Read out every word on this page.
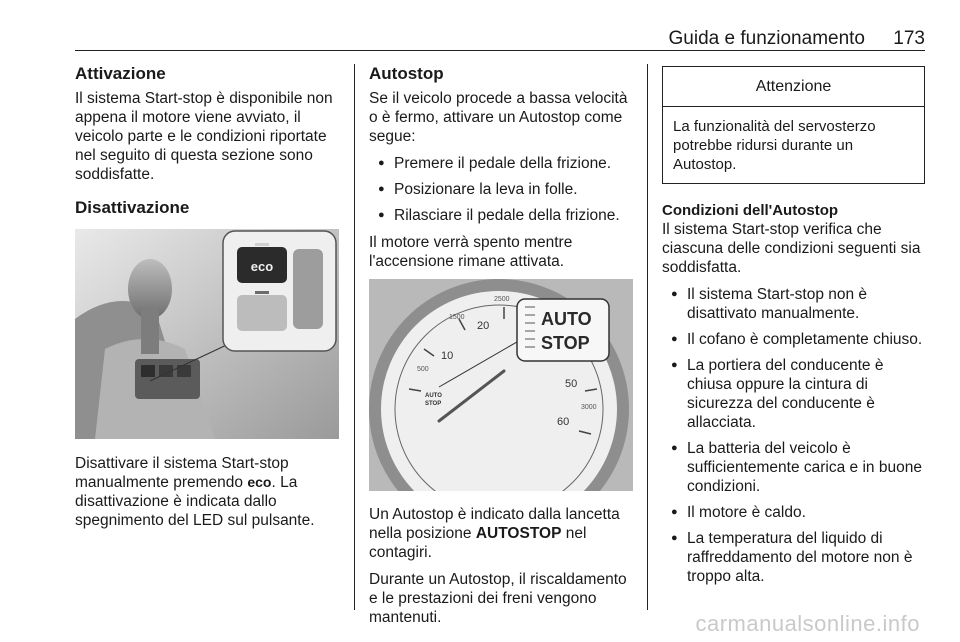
Guida e funzionamento 173
Attivazione

Il sistema Start-stop è disponibile non appena il motore viene avviato, il veicolo parte e le condizioni riportate nel seguito di questa sezione sono soddisfatte.

Disattivazione
eco

Disattivare il sistema Start-stop manualmente premendo eco. La disattivazione è indicata dallo spegnimento del LED sul pulsante.

Autostop

Se il veicolo procede a bassa velocità o è fermo, attivare un Autostop come segue:

● Premere il pedale della frizione.
● Posizionare la leva in folle.
● Rilasciare il pedale della frizione.

Il motore verrà spento mentre l'accensione rimane attivata.

10
20
1500
2500
500
50
60
3000
AUTO
STOP
AUTO
STOP

Un Autostop è indicato dalla lancetta nella posizione AUTOSTOP nel contagiri.

Durante un Autostop, il riscaldamento e le prestazioni dei freni vengono mantenuti.

Attenzione
La funzionalità del servosterzo potrebbe ridursi durante un Autostop.
Condizioni dell'Autostop

Il sistema Start-stop verifica che ciascuna delle condizioni seguenti sia soddisfatta.

● Il sistema Start-stop non è disattivato manualmente.
● Il cofano è completamente chiuso.
● La portiera del conducente è chiusa oppure la cintura di sicurezza del conducente è allacciata.
● La batteria del veicolo è sufficientemente carica e in buone condizioni.
● Il motore è caldo.
● La temperatura del liquido di raffreddamento del motore non è troppo alta.
carmanualsonline.info
